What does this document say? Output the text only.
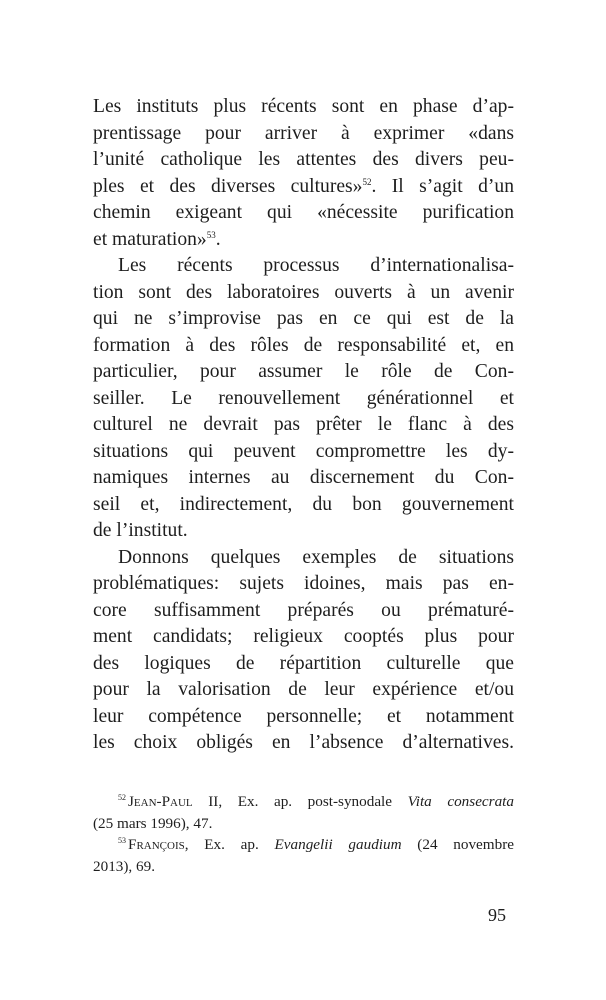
Les instituts plus récents sont en phase d’ap-
prentissage pour arriver à exprimer «dans
l’unité catholique les attentes des divers peu-
ples et des diverses cultures»$^{52}$. Il s’agit d’un
chemin exigeant qui «nécessite purification
et maturation»$^{53}$.

Les récents processus d’internationalisa-
tion sont des laboratoires ouverts à un avenir
qui ne s’improvise pas en ce qui est de la
formation à des rôles de responsabilité et, en
particulier, pour assumer le rôle de Con-
seiller. Le renouvellement générationnel et
culturel ne devrait pas prêter le flanc à des
situations qui peuvent compromettre les dy-
namiques internes au discernement du Con-
seil et, indirectement, du bon gouvernement
de l’institut.

Donnons quelques exemples de situations
problématiques: sujets idoines, mais pas en-
core suffisamment préparés ou prématuré-
ment candidats; religieux cooptés plus pour
des logiques de répartition culturelle que
pour la valorisation de leur expérience et/ou
leur compétence personnelle; et notamment
les choix obligés en l’absence d’alternatives.

$^{52}$ Jean-Paul II, Ex. ap. post-synodale Vita consecrata
(25 mars 1996), 47.
$^{53}$ François, Ex. ap. Evangelii gaudium (24 novembre
2013), 69.
95
